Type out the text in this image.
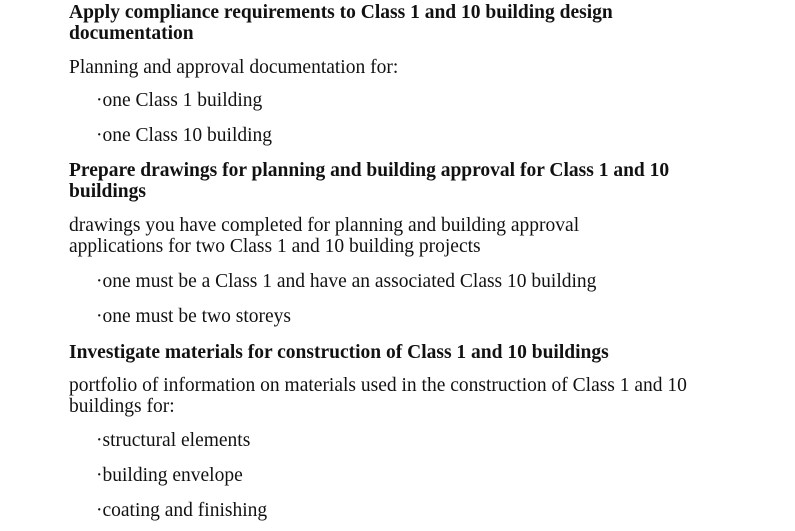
Apply compliance requirements to Class 1 and 10 building design documentation

Planning and approval documentation for:

·one Class 1 building

·one Class 10 building

Prepare drawings for planning and building approval for Class 1 and 10 buildings

drawings you have completed for planning and building approval applications for two Class 1 and 10 building projects

·one must be a Class 1 and have an associated Class 10 building

·one must be two storeys

Investigate materials for construction of Class 1 and 10 buildings

portfolio of information on materials used in the construction of Class 1 and 10 buildings for:

·structural elements

·building envelope

·coating and finishing
